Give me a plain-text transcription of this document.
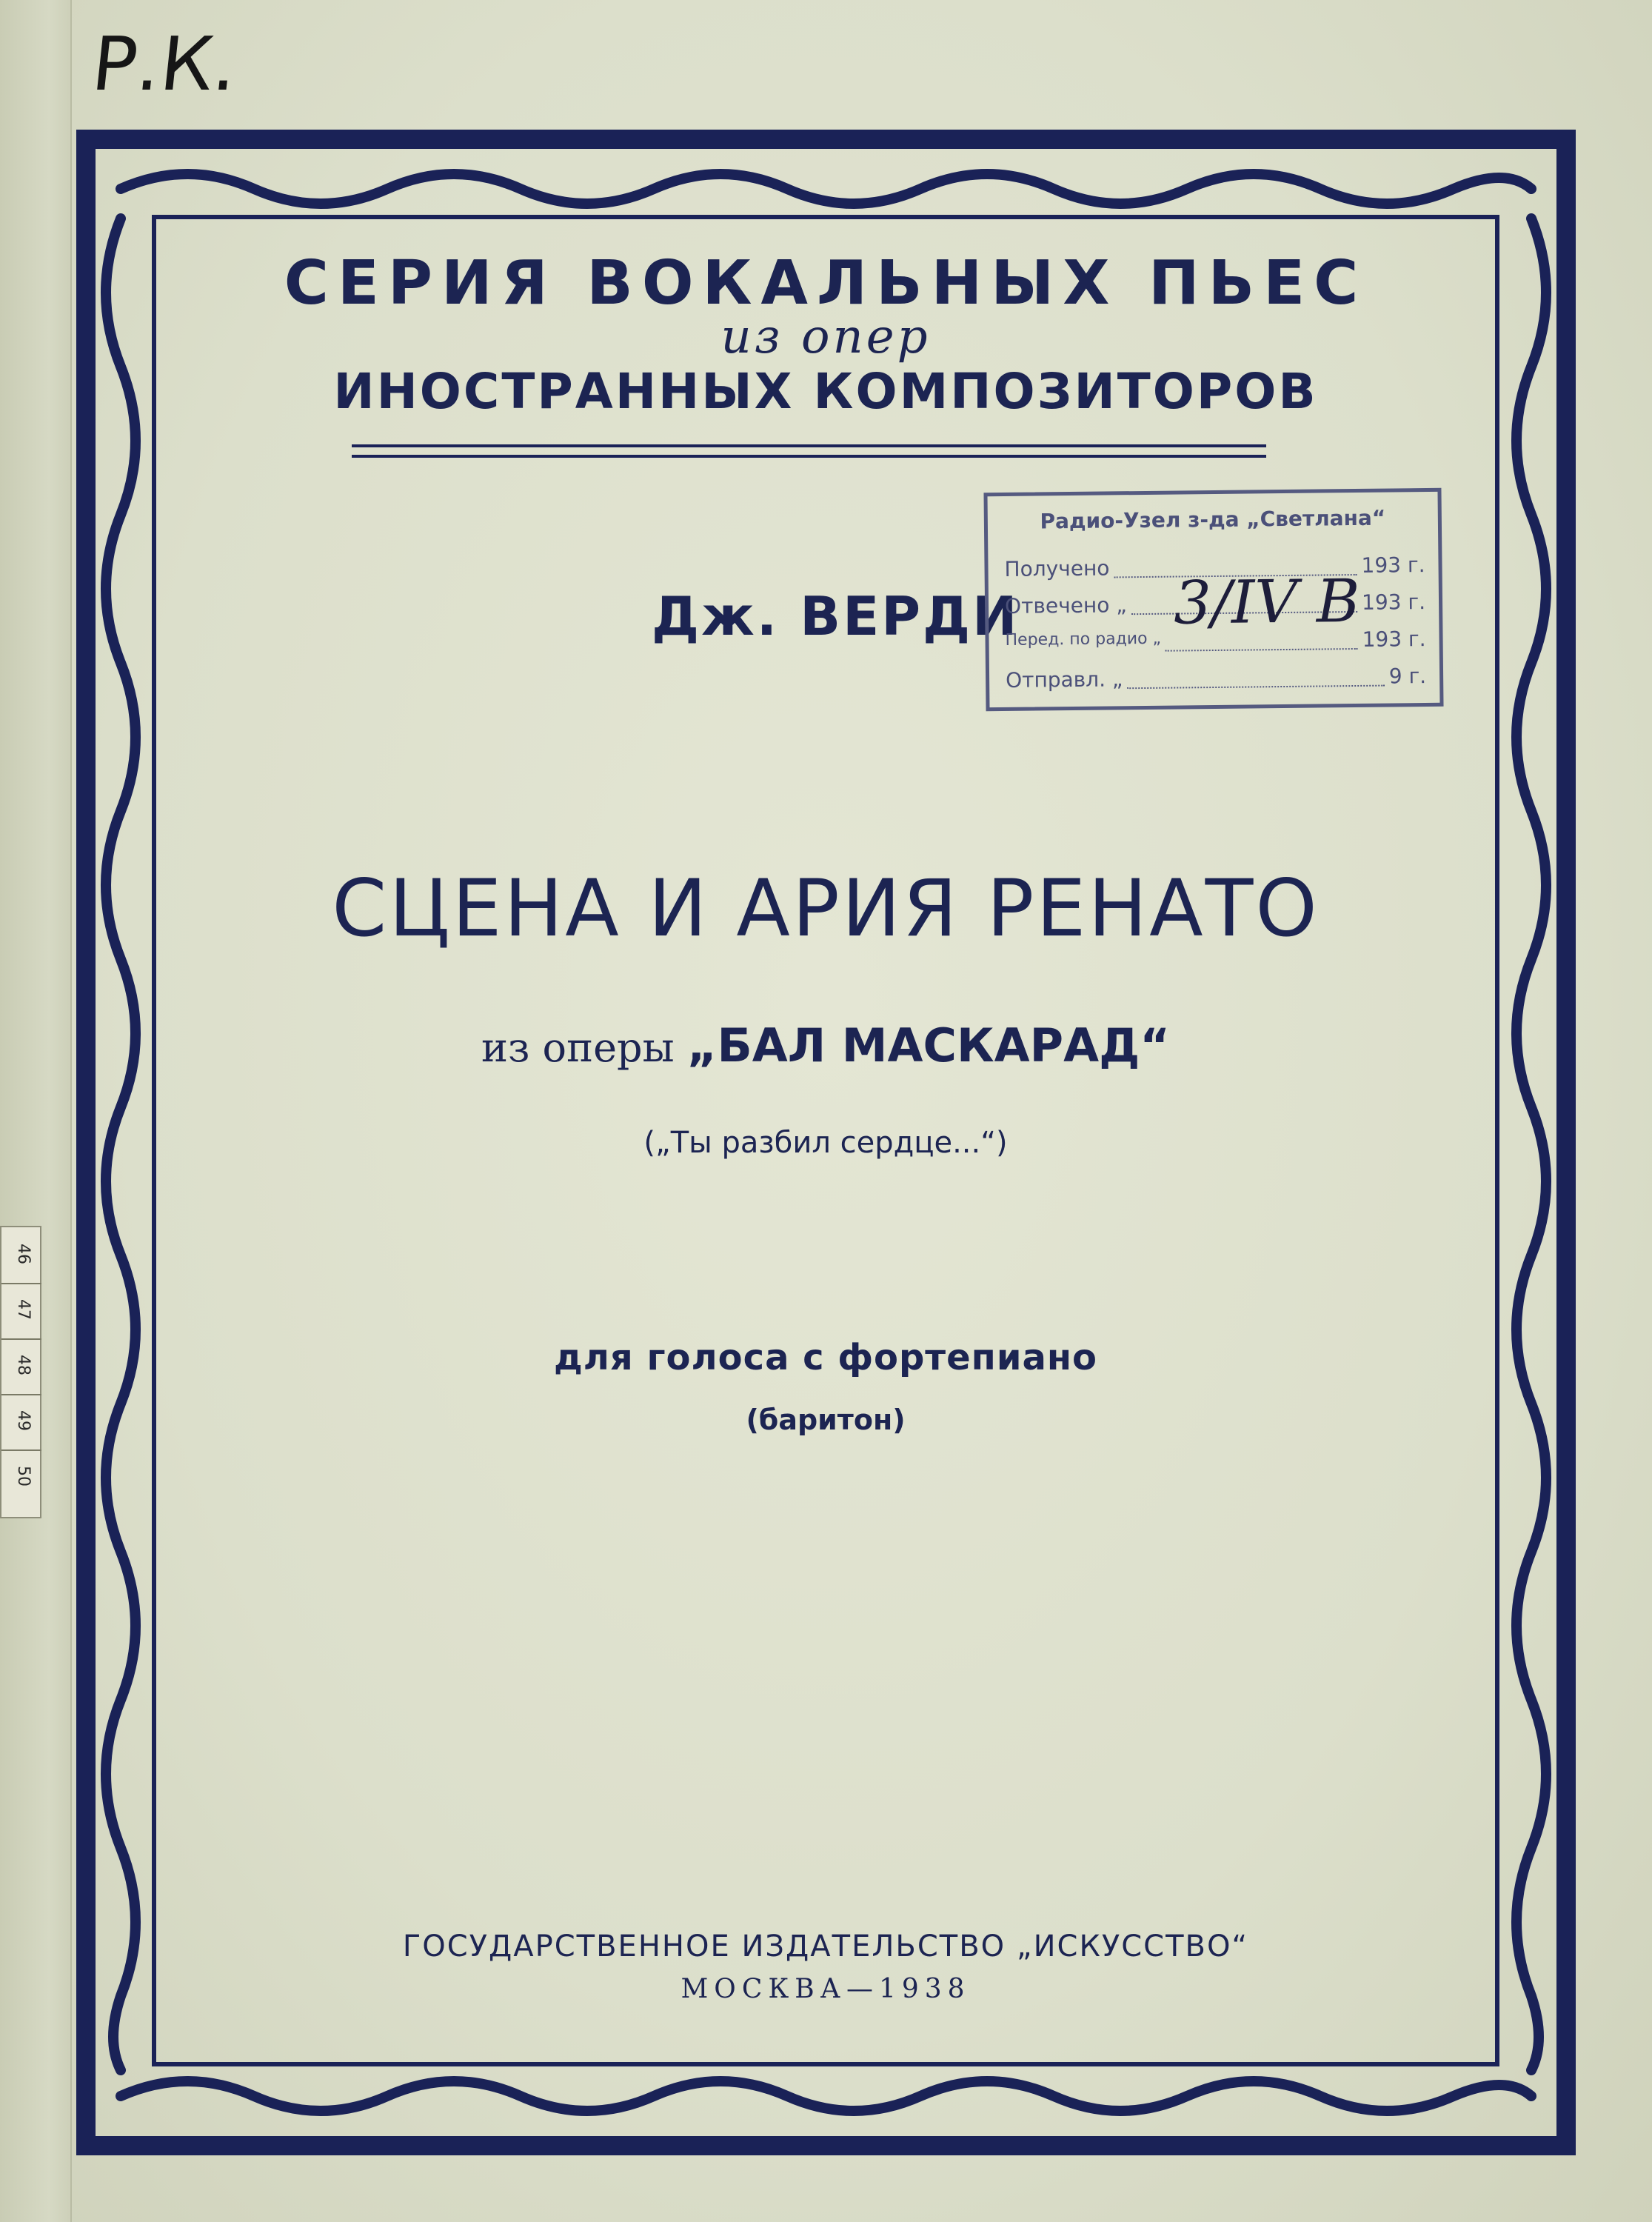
Р.К.
СЕРИЯ ВОКАЛЬНЫХ ПЬЕС
из опер
ИНОСТРАННЫХ КОМПОЗИТОРОВ
Дж. ВЕРДИ
Радио-Узел з-да „Светлана“
Получено	193 г.
Отвечено „	193 г.
Перед. по радио „	193 г.
Отправл. „	9 г.
3/IV В
СЦЕНА И АРИЯ РЕНАТО
из оперы „БАЛ МАСКАРАД“
(„Ты разбил сердце...“)
для голоса с фортепиано
(баритон)
ГОСУДАРСТВЕННОЕ ИЗДАТЕЛЬСТВО „ИСКУССТВО“
МОСКВА—1938
46
47
48
49
50
